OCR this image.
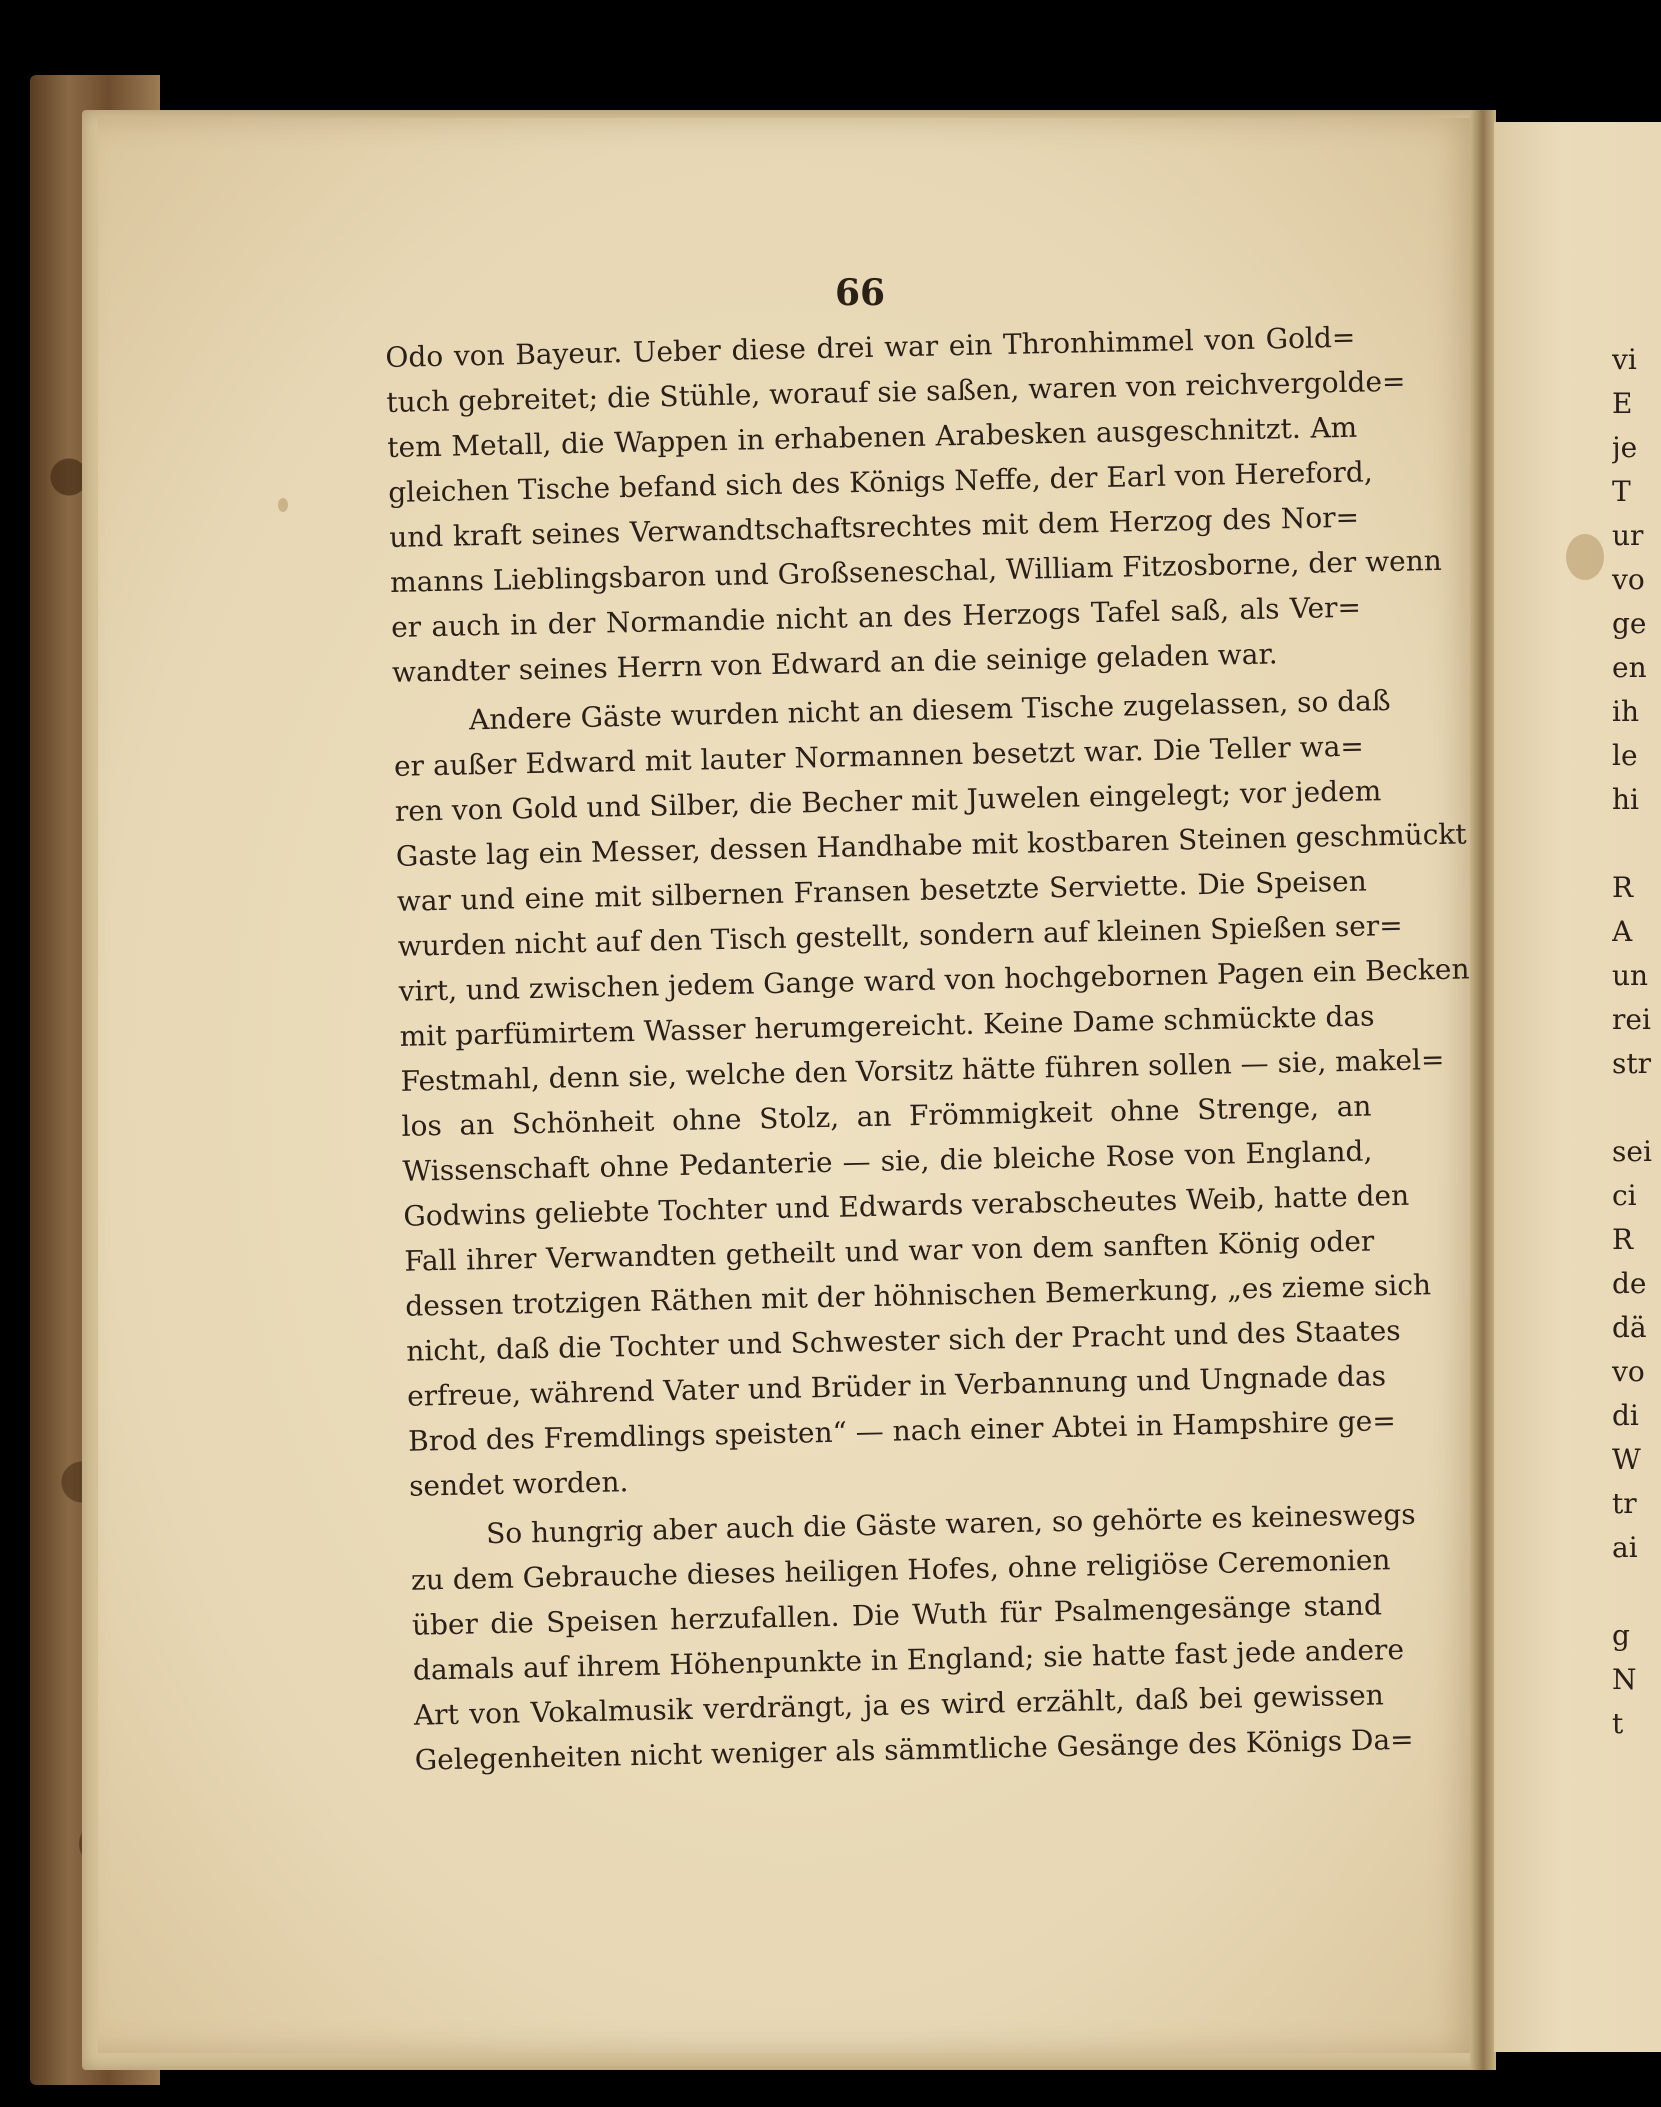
66
Odo von Bayeur. Ueber diese drei war ein Thronhimmel von Gold=
tuch gebreitet; die Stühle, worauf sie saßen, waren von reichvergolde=
tem Metall, die Wappen in erhabenen Arabesken ausgeschnitzt. Am
gleichen Tische befand sich des Königs Neffe, der Earl von Hereford,
und kraft seines Verwandtschaftsrechtes mit dem Herzog des Nor=
manns Lieblingsbaron und Großseneschal, William Fitzosborne, der wenn
er auch in der Normandie nicht an des Herzogs Tafel saß, als Ver=
wandter seines Herrn von Edward an die seinige geladen war.
Andere Gäste wurden nicht an diesem Tische zugelassen, so daß
er außer Edward mit lauter Normannen besetzt war. Die Teller wa=
ren von Gold und Silber, die Becher mit Juwelen eingelegt; vor jedem
Gaste lag ein Messer, dessen Handhabe mit kostbaren Steinen geschmückt
war und eine mit silbernen Fransen besetzte Serviette. Die Speisen
wurden nicht auf den Tisch gestellt, sondern auf kleinen Spießen ser=
virt, und zwischen jedem Gange ward von hochgebornen Pagen ein Becken
mit parfümirtem Wasser herumgereicht. Keine Dame schmückte das
Festmahl, denn sie, welche den Vorsitz hätte führen sollen — sie, makel=
los an Schönheit ohne Stolz, an Frömmigkeit ohne Strenge, an
Wissenschaft ohne Pedanterie — sie, die bleiche Rose von England,
Godwins geliebte Tochter und Edwards verabscheutes Weib, hatte den
Fall ihrer Verwandten getheilt und war von dem sanften König oder
dessen trotzigen Räthen mit der höhnischen Bemerkung, „es zieme sich
nicht, daß die Tochter und Schwester sich der Pracht und des Staates
erfreue, während Vater und Brüder in Verbannung und Ungnade das
Brod des Fremdlings speisten“ — nach einer Abtei in Hampshire ge=
sendet worden.
So hungrig aber auch die Gäste waren, so gehörte es keineswegs
zu dem Gebrauche dieses heiligen Hofes, ohne religiöse Ceremonien
über die Speisen herzufallen. Die Wuth für Psalmengesänge stand
damals auf ihrem Höhenpunkte in England; sie hatte fast jede andere
Art von Vokalmusik verdrängt, ja es wird erzählt, daß bei gewissen
Gelegenheiten nicht weniger als sämmtliche Gesänge des Königs Da=
vi
E
je
T
ur
vo
ge
en
ih
le
hi
R
A
un
rei
str
sei
ci
R
de
dä
vo
di
W
tr
ai
g
N
t
